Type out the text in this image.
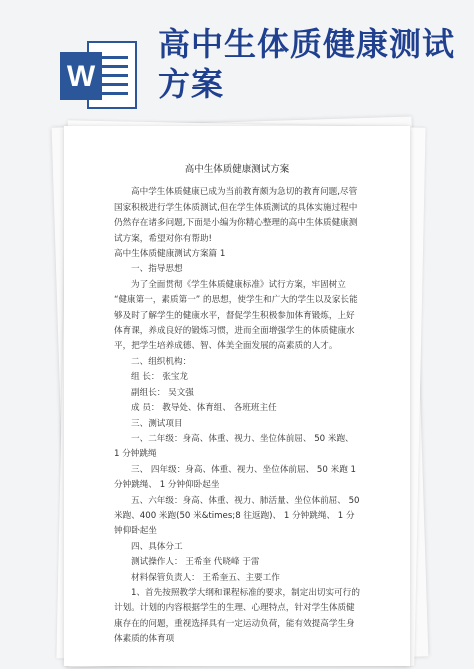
W
高中生体质健康测试方案

高中生体质健康测试方案

高中学生体质健康已成为当前教育颇为急切的教育问题,尽管国家积极进行学生体质测试,但在学生体质测试的具体实施过程中仍然存在诸多问题,下面是小编为你精心整理的高中生体质健康测试方案，希望对你有帮助!

高中生体质健康测试方案篇 1

一、指导思想

为了全面贯彻《学生体质健康标准》试行方案，牢固树立 “健康第一，素质第一” 的思想，使学生和广大的学生以及家长能够及时了解学生的健康水平，督促学生积极参加体育锻炼，上好体育课，养成良好的锻炼习惯，进而全面增强学生的体质健康水平，把学生培养成德、智、体美全面发展的高素质的人才。

二、组织机构：

组 长： 张宝龙

副组长： 吴文强

成 员： 教导处、体育组、 各班班主任

三、测试项目

一、二年级：身高、体重、视力、坐位体前屈、 50 米跑、 1 分钟跳绳

三、 四年级：身高、体重、视力、坐位体前屈、 50 米跑 1 分钟跳绳、 1 分钟仰卧起坐

五、六年级：身高、体重、视力、肺活量、坐位体前屈、 50 米跑、400 米跑(50 米&times;8 往返跑)、 1 分钟跳绳、 1 分钟仰卧起坐

四、具体分工

测试操作人： 王希奎 代晓峰 于雷

材料保管负责人： 王希奎五、主要工作

1、首先按照教学大纲和课程标准的要求，制定出切实可行的计划。计划的内容根据学生的生理、心理特点，针对学生体质健康存在的问题，重视选择具有一定运动负荷，能有效提高学生身体素质的体育项
